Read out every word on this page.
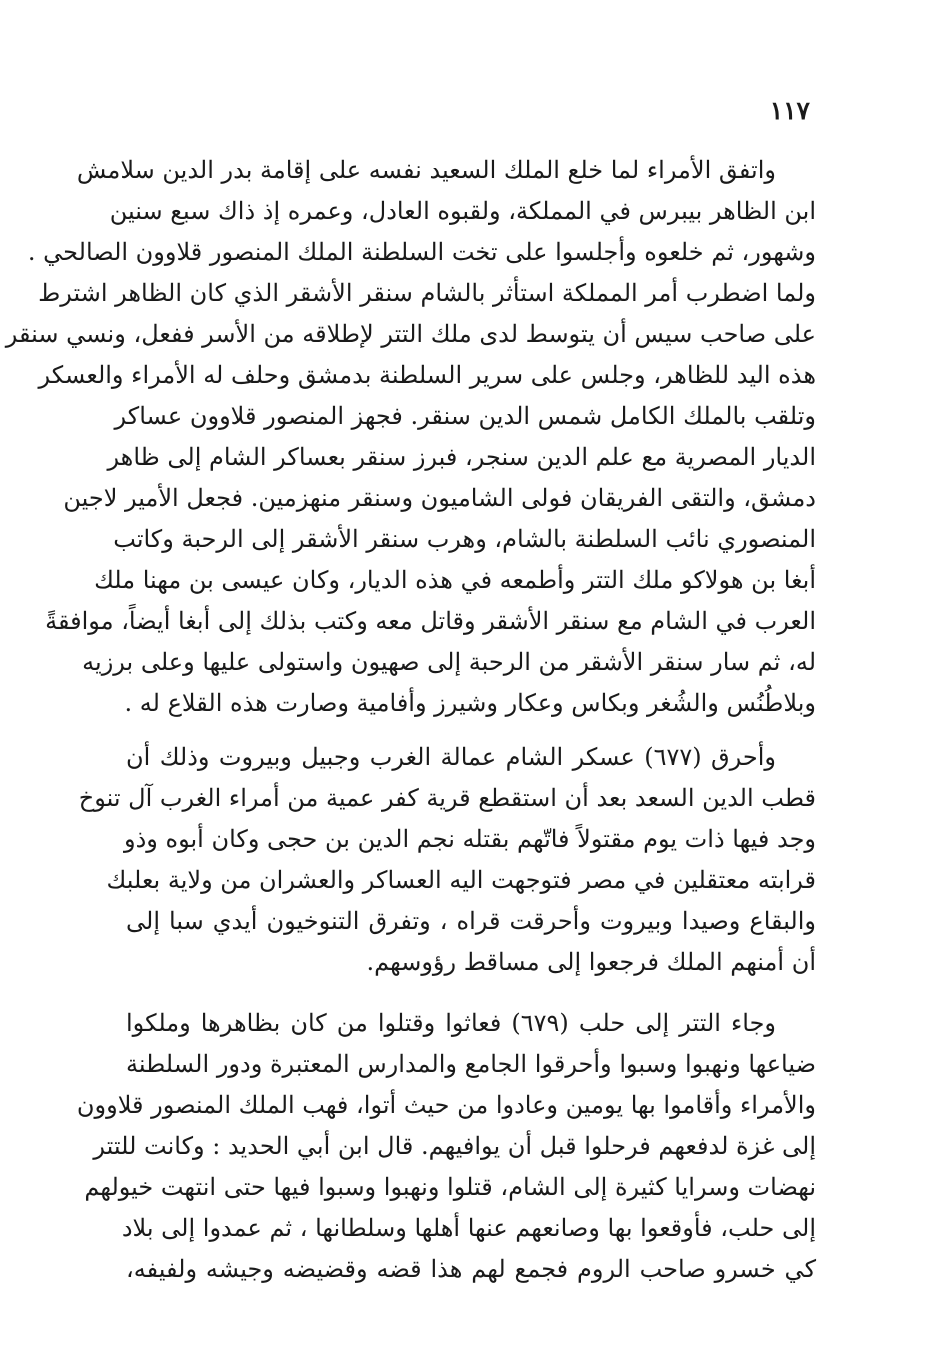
١١٧
واتفق الأمراء لما خلع الملك السعيد نفسه على إقامة بدر الدين سلامش
ابن الظاهر بيبرس في المملكة، ولقبوه العادل، وعمره إذ ذاك سبع سنين
وشهور، ثم خلعوه وأجلسوا على تخت السلطنة الملك المنصور قلاوون الصالحي .
ولما اضطرب أمر المملكة استأثر بالشام سنقر الأشقر الذي كان الظاهر اشترط
على صاحب سيس أن يتوسط لدى ملك التتر لإطلاقه من الأسر ففعل، ونسي سنقر
هذه اليد للظاهر، وجلس على سرير السلطنة بدمشق وحلف له الأمراء والعسكر
وتلقب بالملك الكامل شمس الدين سنقر. فجهز المنصور قلاوون عساكر
الديار المصرية مع علم الدين سنجر، فبرز سنقر بعساكر الشام إلى ظاهر
دمشق، والتقى الفريقان فولى الشاميون وسنقر منهزمين. فجعل الأمير لاجين
المنصوري نائب السلطنة بالشام، وهرب سنقر الأشقر إلى الرحبة وكاتب
أبغا بن هولاكو ملك التتر وأطمعه في هذه الديار، وكان عيسى بن مهنا ملك
العرب في الشام مع سنقر الأشقر وقاتل معه وكتب بذلك إلى أبغا أيضاً، موافقةً
له، ثم سار سنقر الأشقر من الرحبة إلى صهيون واستولى عليها وعلى برزيه
وبلاطُنُس والشُغر وبكاس وعكار وشيرز وأفامية وصارت هذه القلاع له .
وأحرق (٦٧٧) عسكر الشام عمالة الغرب وجبيل وبيروت وذلك أن
قطب الدين السعد بعد أن استقطع قرية كفر عمية من أمراء الغرب آل تنوخ
وجد فيها ذات يوم مقتولاً فاتّهم بقتله نجم الدين بن حجى وكان أبوه وذو
قرابته معتقلين في مصر فتوجهت اليه العساكر والعشران من ولاية بعلبك
والبقاع وصيدا وبيروت وأحرقت قراه ، وتفرق التنوخيون أيدي سبا إلى
أن أمنهم الملك فرجعوا إلى مساقط رؤوسهم.
وجاء التتر إلى حلب (٦٧٩) فعاثوا وقتلوا من كان بظاهرها وملكوا
ضياعها ونهبوا وسبوا وأحرقوا الجامع والمدارس المعتبرة ودور السلطنة
والأمراء وأقاموا بها يومين وعادوا من حيث أتوا، فهب الملك المنصور قلاوون
إلى غزة لدفعهم فرحلوا قبل أن يوافيهم. قال ابن أبي الحديد : وكانت للتتر
نهضات وسرايا كثيرة إلى الشام، قتلوا ونهبوا وسبوا فيها حتى انتهت خيولهم
إلى حلب، فأوقعوا بها وصانعهم عنها أهلها وسلطانها ، ثم عمدوا إلى بلاد
كي خسرو صاحب الروم فجمع لهم هذا قضه وقضيضه وجيشه ولفيفه،
